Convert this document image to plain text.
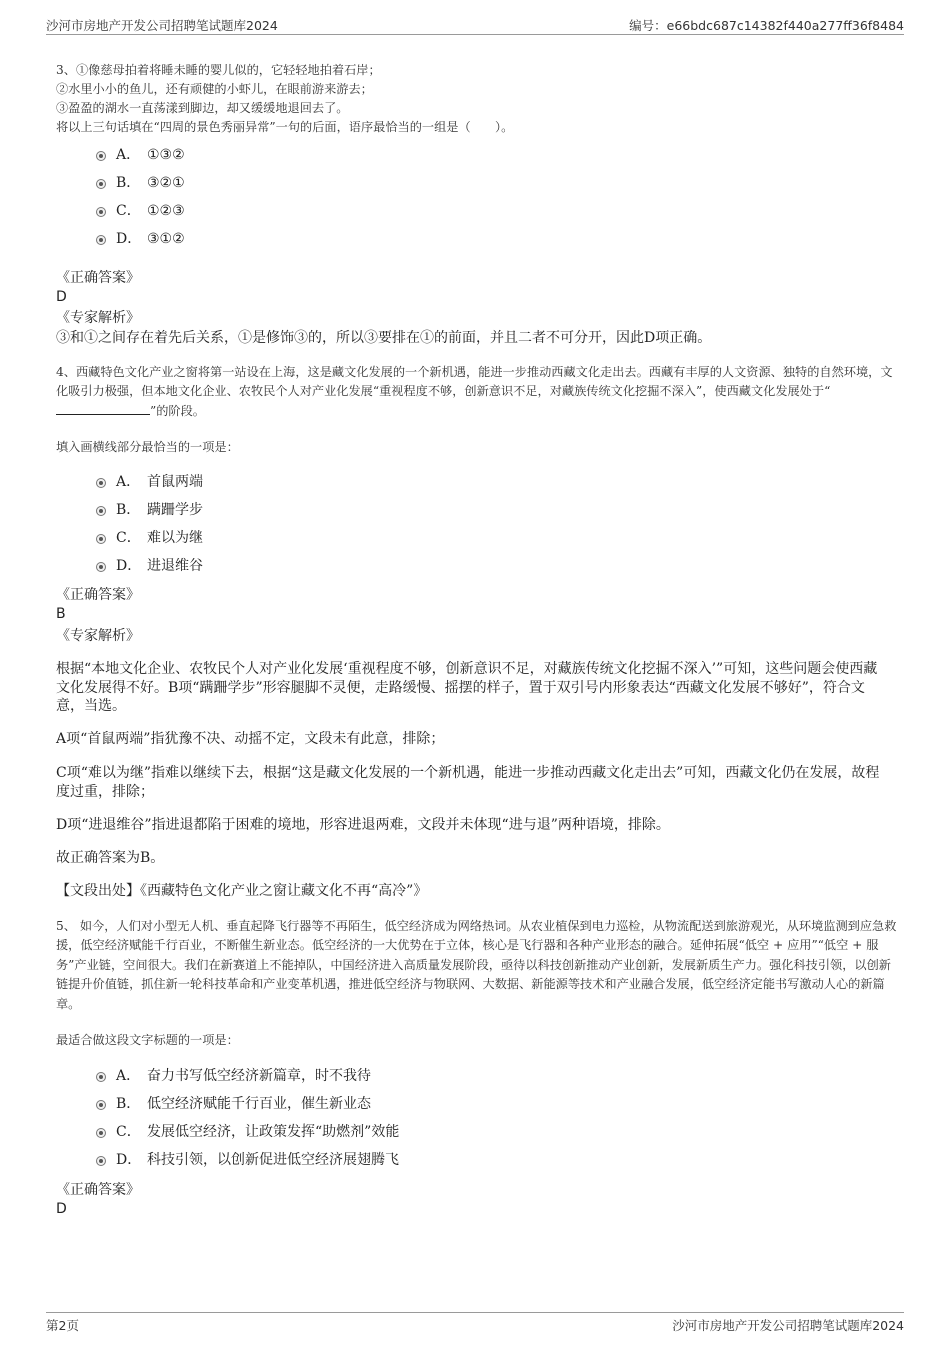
沙河市房地产开发公司招聘笔试题库2024	编号：e66bdc687c14382f440a277ff36f8484
3、①像慈母拍着将睡未睡的婴儿似的，它轻轻地拍着石岸；
②水里小小的鱼儿，还有顽健的小虾儿，在眼前游来游去；
③盈盈的湖水一直荡漾到脚边，却又缓缓地退回去了。
将以上三句话填在“四周的景色秀丽异常”一句的后面，语序最恰当的一组是（　　）。
A． ①③②
B． ③②①
C． ①②③
D． ③①②
《正确答案》
D
《专家解析》
③和①之间存在着先后关系，①是修饰③的，所以③要排在①的前面，并且二者不可分开，因此D项正确。
4、西藏特色文化产业之窗将第一站设在上海，这是藏文化发展的一个新机遇，能进一步推动西藏文化走出去。西藏有丰厚的人文资源、独特的自然环境，文化吸引力极强，但本地文化企业、农牧民个人对产业化发展“重视程度不够，创新意识不足，对藏族传统文化挖掘不深入”，使西藏文化发展处于“”的阶段。
填入画横线部分最恰当的一项是：
A． 首鼠两端
B． 蹒跚学步
C． 难以为继
D． 进退维谷
《正确答案》
B
《专家解析》
根据“本地文化企业、农牧民个人对产业化发展‘重视程度不够，创新意识不足，对藏族传统文化挖掘不深入’”可知，这些问题会使西藏文化发展得不好。B项“蹒跚学步”形容腿脚不灵便，走路缓慢、摇摆的样子，置于双引号内形象表达“西藏文化发展不够好”，符合文意，当选。
A项“首鼠两端”指犹豫不决、动摇不定，文段未有此意，排除；
C项“难以为继”指难以继续下去，根据“这是藏文化发展的一个新机遇，能进一步推动西藏文化走出去”可知，西藏文化仍在发展，故程度过重，排除；
D项“进退维谷”指进退都陷于困难的境地，形容进退两难，文段并未体现“进与退”两种语境，排除。
故正确答案为B。
【文段出处】《西藏特色文化产业之窗让藏文化不再“高冷”》
5、 如今，人们对小型无人机、垂直起降飞行器等不再陌生，低空经济成为网络热词。从农业植保到电力巡检，从物流配送到旅游观光，从环境监测到应急救援，低空经济赋能千行百业，不断催生新业态。低空经济的一大优势在于立体，核心是飞行器和各种产业形态的融合。延伸拓展“低空 + 应用”“低空 + 服务”产业链，空间很大。我们在新赛道上不能掉队，中国经济进入高质量发展阶段，亟待以科技创新推动产业创新，发展新质生产力。强化科技引领，以创新链提升价值链，抓住新一轮科技革命和产业变革机遇，推进低空经济与物联网、大数据、新能源等技术和产业融合发展，低空经济定能书写激动人心的新篇章。
最适合做这段文字标题的一项是：
A． 奋力书写低空经济新篇章，时不我待
B． 低空经济赋能千行百业，催生新业态
C． 发展低空经济，让政策发挥“助燃剂”效能
D． 科技引领，以创新促进低空经济展翅腾飞
《正确答案》
D
第2页	沙河市房地产开发公司招聘笔试题库2024
